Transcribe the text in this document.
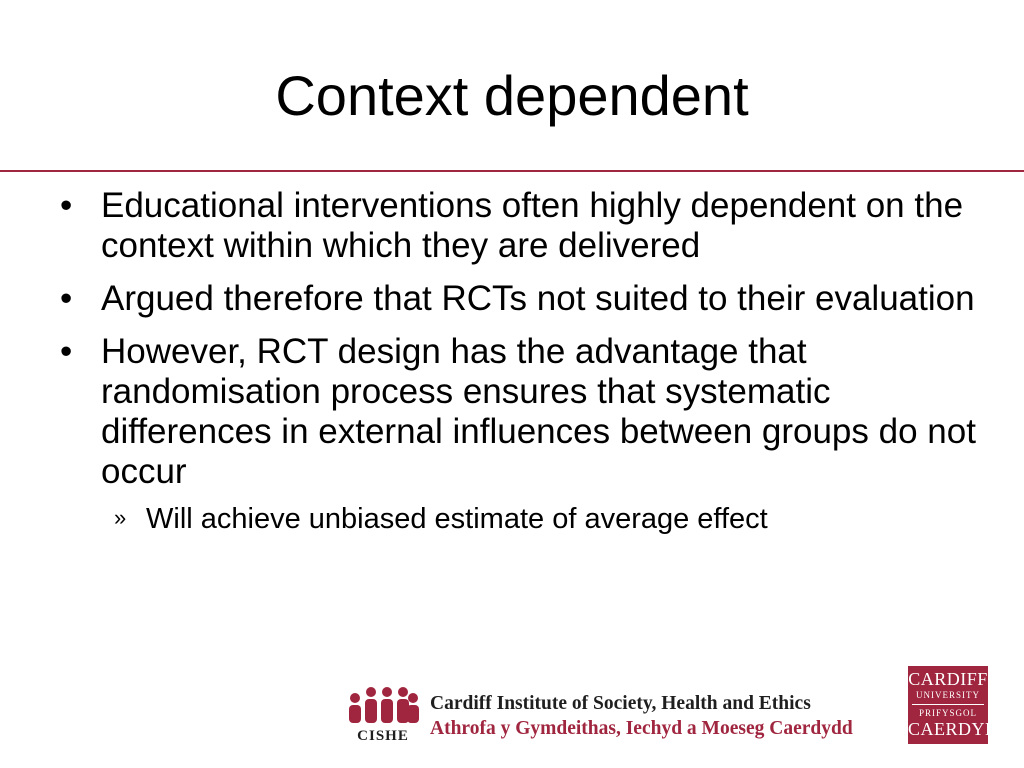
Context dependent
• Educational interventions often highly dependent on the context within which they are delivered
• Argued therefore that RCTs not suited to their evaluation
• However, RCT design has the advantage that randomisation process ensures that systematic differences in external influences between groups do not occur
» Will achieve unbiased estimate of average effect
CISHE
Cardiff Institute of Society, Health and Ethics
Athrofa y Gymdeithas, Iechyd a Moeseg Caerdydd
CARDIFF
UNIVERSITY
PRIFYSGOL
CAERDYDD
